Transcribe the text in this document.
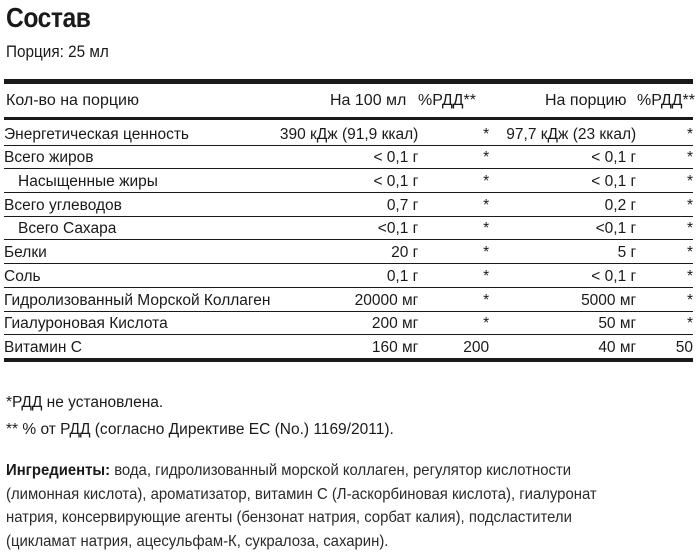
Состав
Порция: 25 мл
Кол-во на порцию	На 100 мл %РДД**	На порцию %РДД**
Энергетическая ценность	390 кДж (91,9 ккал)	*	97,7 кДж (23 ккал)	*
Всего жиров	< 0,1 г	*	< 0,1 г	*
Насыщенные жиры	< 0,1 г	*	< 0,1 г	*
Всего углеводов	0,7 г	*	0,2 г	*
Всего Сахара	<0,1 г	*	<0,1 г	*
Белки	20 г	*	5 г	*
Соль	0,1 г	*	< 0,1 г	*
Гидролизованный Морской Коллаген	20000 мг	*	5000 мг	*
Гиалуроновая Кислота	200 мг	*	50 мг	*
Витамин С	160 мг	200	40 мг	50
*РДД не установлена.
** % от РДД (согласно Директиве ЕС (No.) 1169/2011).
Ингредиенты: вода, гидролизованный морской коллаген, регулятор кислотности (лимонная кислота), ароматизатор, витамин С (Л-аскорбиновая кислота), гиалуронат натрия, консервирующие агенты (бензонат натрия, сорбат калия), подсластители (цикламат натрия, ацесульфам-К, сукралоза, сахарин).
